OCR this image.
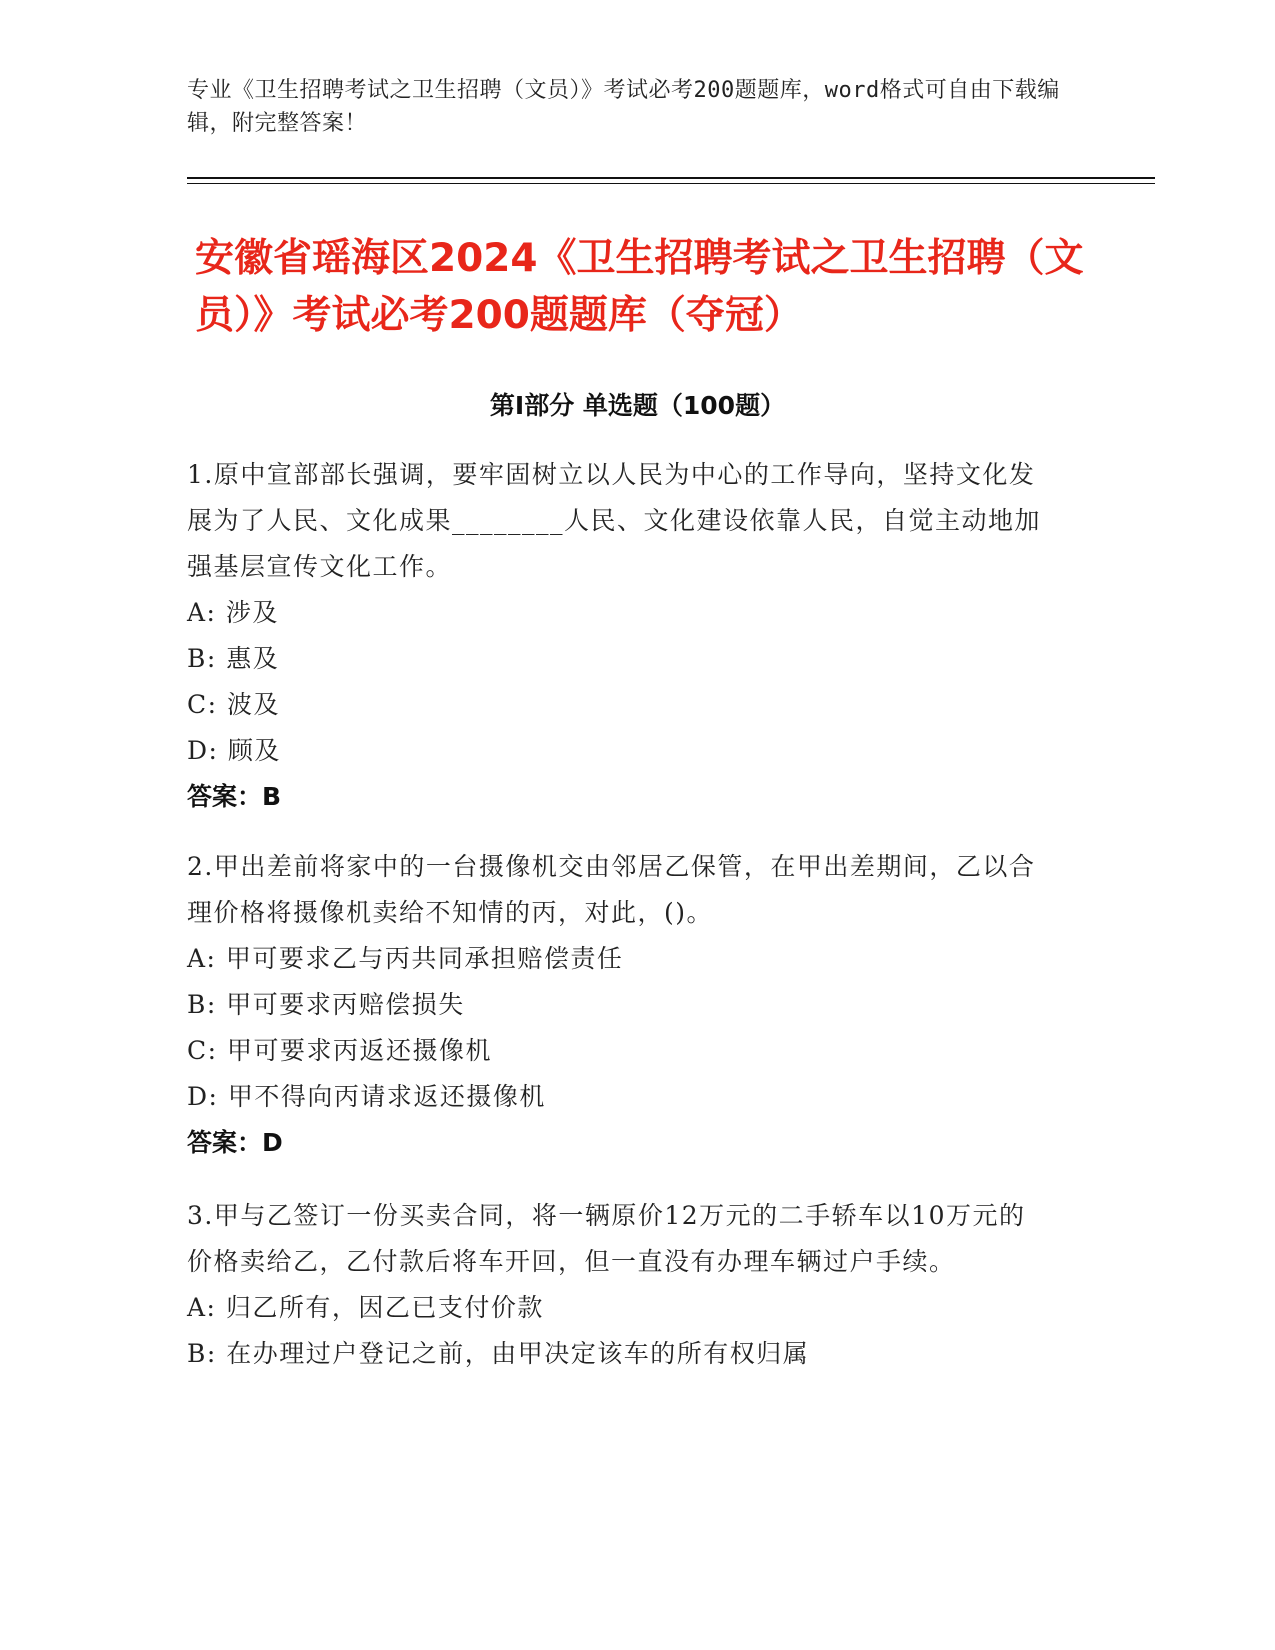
专业《卫生招聘考试之卫生招聘（文员）》考试必考200题题库，word格式可自由下载编辑，附完整答案！
安徽省瑶海区2024《卫生招聘考试之卫生招聘（文员）》考试必考200题题库（夺冠）
第Ⅰ部分 单选题（100题）
1.原中宣部部长强调，要牢固树立以人民为中心的工作导向，坚持文化发展为了人民、文化成果________人民、文化建设依靠人民，自觉主动地加强基层宣传文化工作。
A: 涉及
B: 惠及
C: 波及
D: 顾及
答案：B
2.甲出差前将家中的一台摄像机交由邻居乙保管，在甲出差期间，乙以合理价格将摄像机卖给不知情的丙，对此，()。
A: 甲可要求乙与丙共同承担赔偿责任
B: 甲可要求丙赔偿损失
C: 甲可要求丙返还摄像机
D: 甲不得向丙请求返还摄像机
答案：D
3.甲与乙签订一份买卖合同，将一辆原价12万元的二手轿车以10万元的价格卖给乙，乙付款后将车开回，但一直没有办理车辆过户手续。
A: 归乙所有，因乙已支付价款
B: 在办理过户登记之前，由甲决定该车的所有权归属
